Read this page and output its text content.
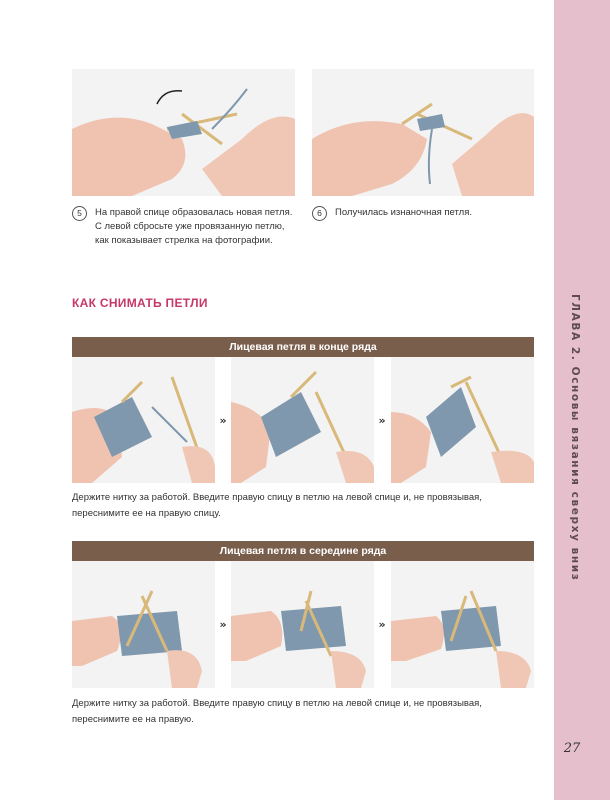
ГЛАВА 2. Основы вязания сверху вниз
27
5 На правой спице образовалась новая петля. С левой сбросьте уже провязанную петлю, как показывает стрелка на фотографии.
6 Получилась изнаночная петля.
КАК СНИМАТЬ ПЕТЛИ
Лицевая петля в конце ряда
»	»
Держите нитку за работой. Введите правую спицу в петлю на левой спице и, не провязывая, переснимите ее на правую спицу.
Лицевая петля в середине ряда
»	»
Держите нитку за работой. Введите правую спицу в петлю на левой спице и, не провязывая, переснимите ее на правую.
